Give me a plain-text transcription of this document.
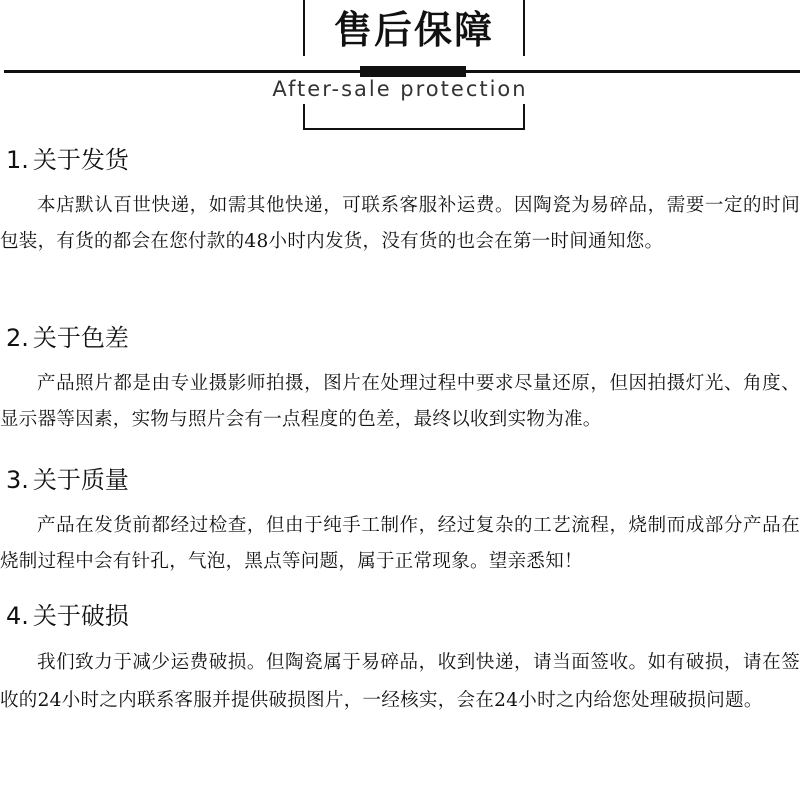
售后保障
After-sale protection
1. 关于发货
本店默认百世快递，如需其他快递，可联系客服补运费。因陶瓷为易碎品，需要一定的时间包装，有货的都会在您付款的48小时内发货，没有货的也会在第一时间通知您。
2. 关于色差
产品照片都是由专业摄影师拍摄，图片在处理过程中要求尽量还原，但因拍摄灯光、角度、显示器等因素，实物与照片会有一点程度的色差，最终以收到实物为准。
3. 关于质量
产品在发货前都经过检查，但由于纯手工制作，经过复杂的工艺流程，烧制而成部分产品在烧制过程中会有针孔，气泡，黑点等问题，属于正常现象。望亲悉知！
4. 关于破损
我们致力于减少运费破损。但陶瓷属于易碎品，收到快递，请当面签收。如有破损，请在签收的24小时之内联系客服并提供破损图片，一经核实，会在24小时之内给您处理破损问题。
